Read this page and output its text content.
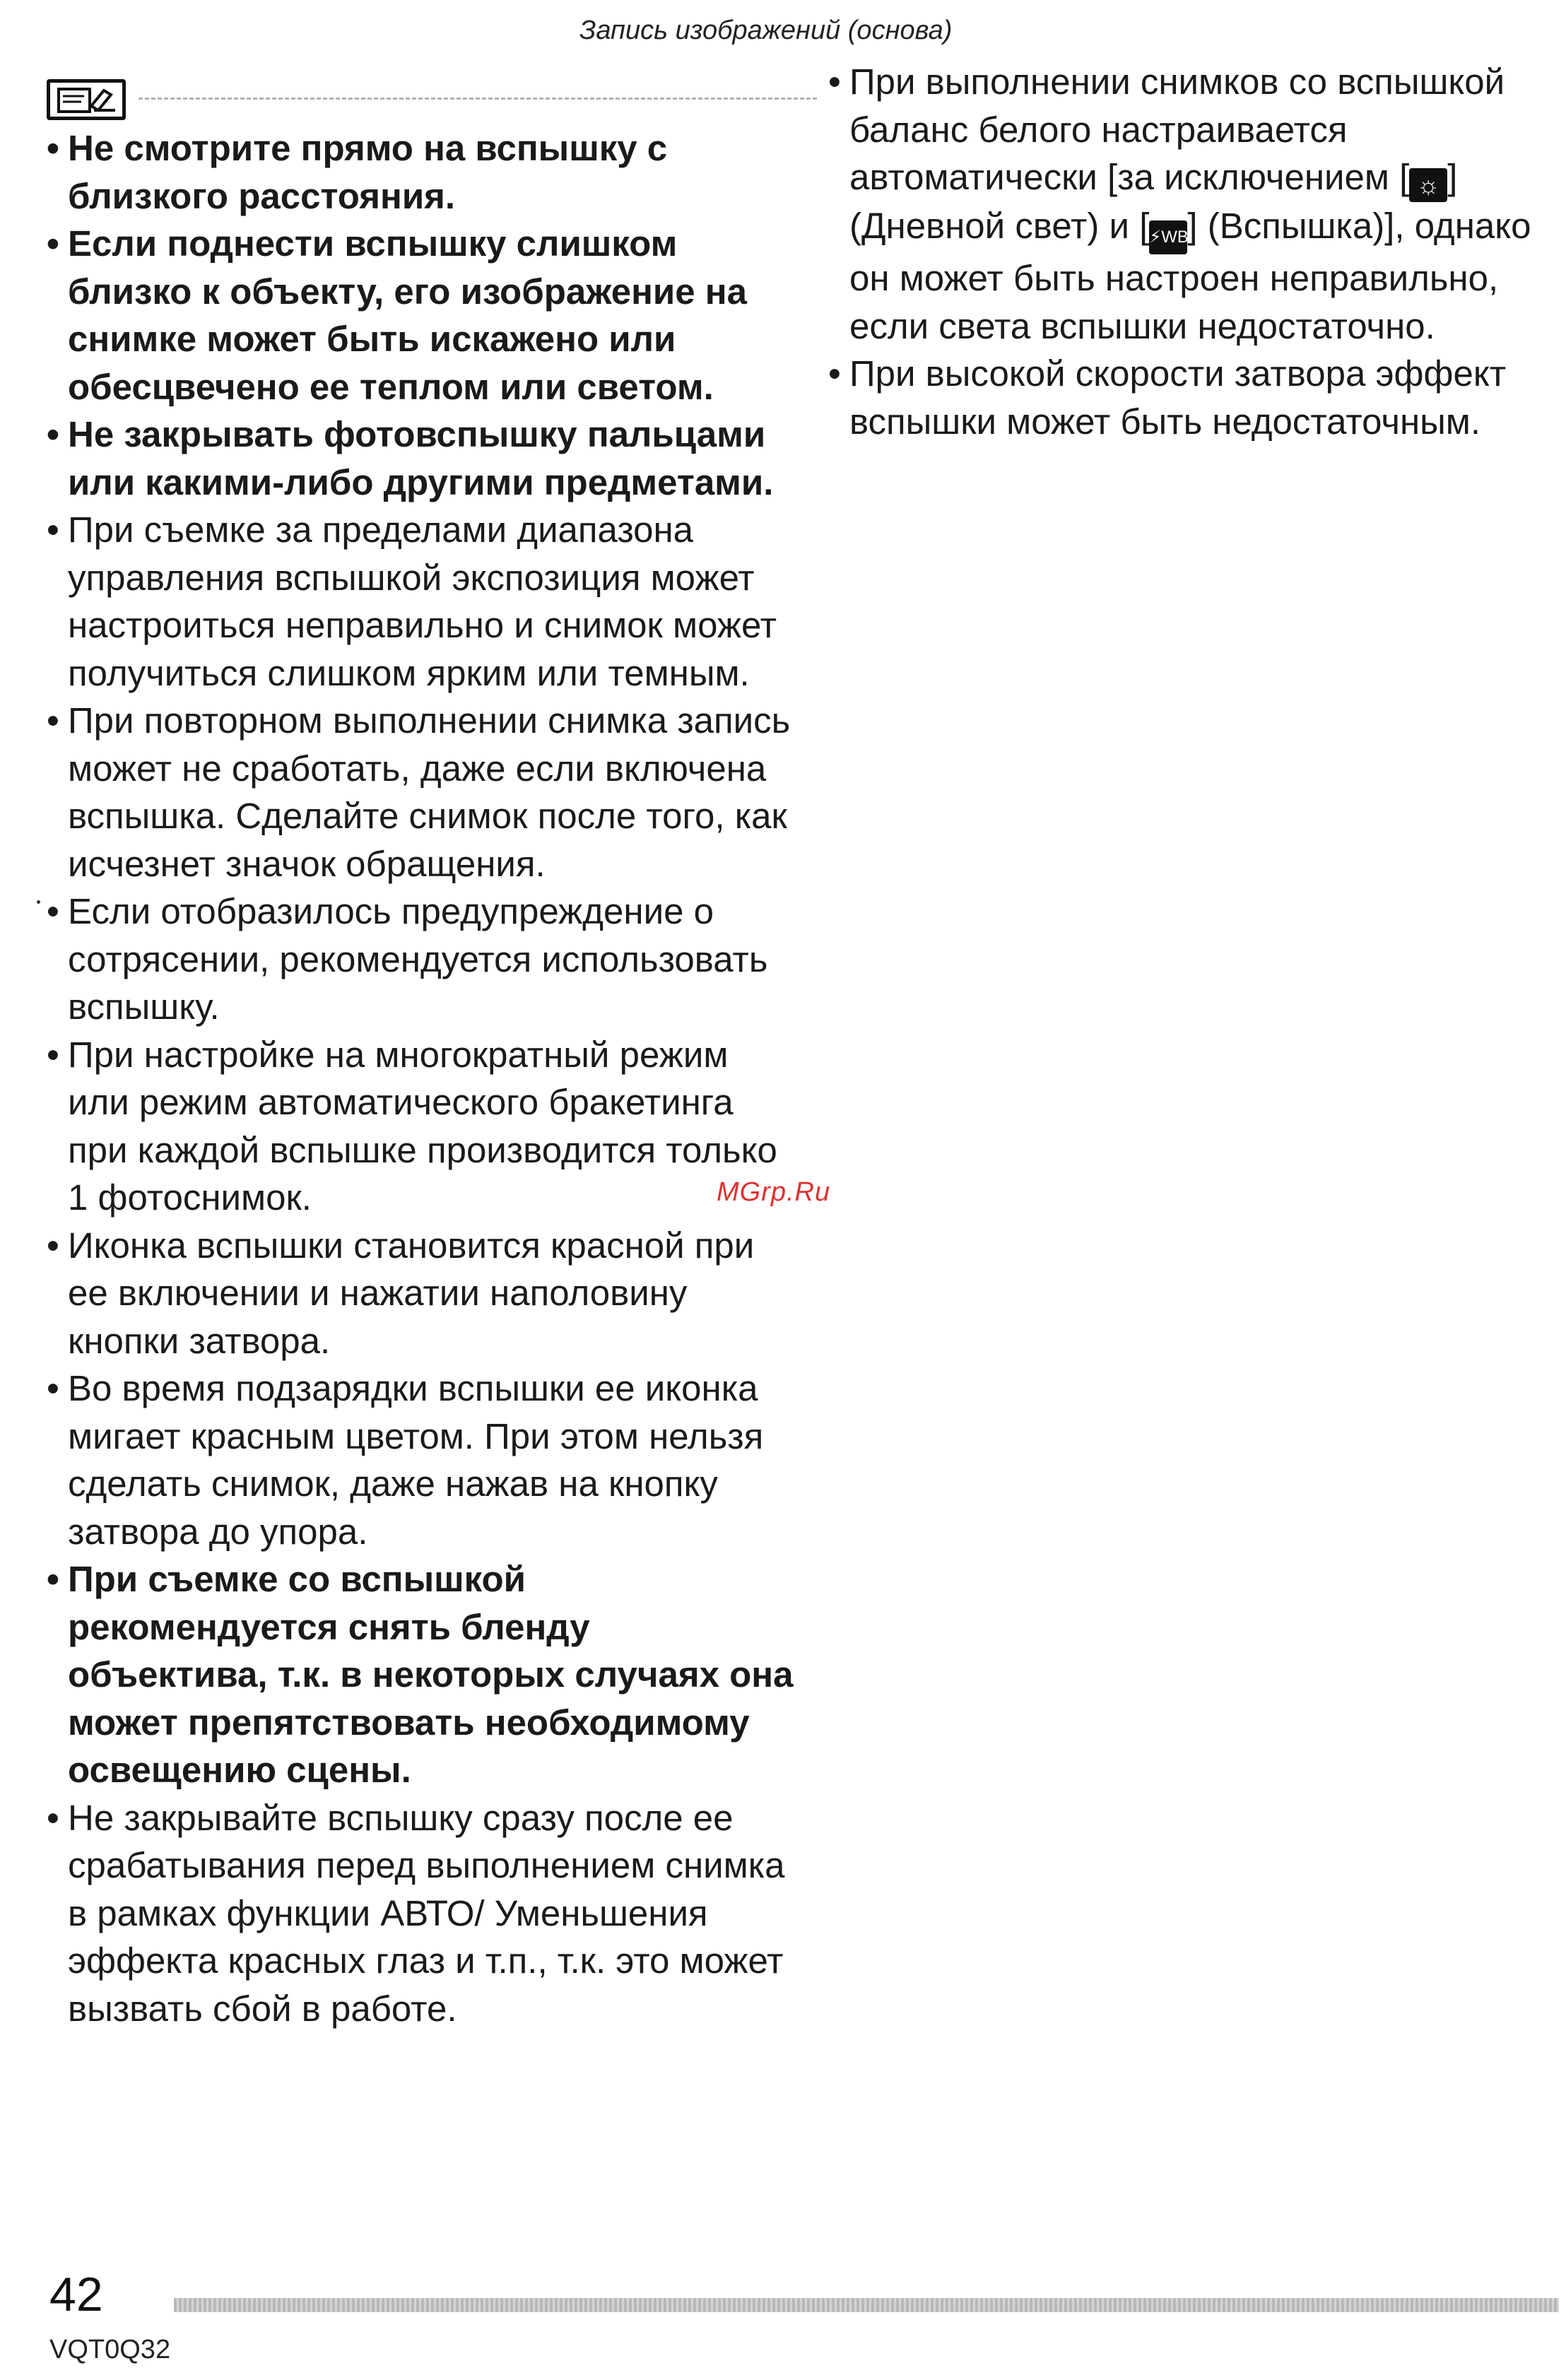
Запись изображений (основа)

• Не смотрите прямо на вспышку с близкого расстояния.

• Если поднести вспышку слишком близко к объекту, его изображение на снимке может быть искажено или обесцвечено ее теплом или светом.

• Не закрывать фотовспышку пальцами или какими-либо другими предметами.

• При съемке за пределами диапазона управления вспышкой экспозиция может настроиться неправильно и снимок может получиться слишком ярким или темным.

• При повторном выполнении снимка запись может не сработать, даже если включена вспышка. Сделайте снимок после того, как исчезнет значок обращения.

• Если отобразилось предупреждение о сотрясении, рекомендуется использовать вспышку.

• При настройке на многократный режим или режим автоматического бракетинга при каждой вспышке производится только 1 фотоснимок.

• Иконка вспышки становится красной при ее включении и нажатии наполовину кнопки затвора.

• Во время подзарядки вспышки ее иконка мигает красным цветом. При этом нельзя сделать снимок, даже нажав на кнопку затвора до упора.

• При съемке со вспышкой рекомендуется снять бленду объектива, т.к. в некоторых случаях она может препятствовать необходимому освещению сцены.

• Не закрывайте вспышку сразу после ее срабатывания перед выполнением снимка в рамках функции АВТО/ Уменьшения эффекта красных глаз и т.п., т.к. это может вызвать сбой в работе.

• При выполнении снимков со вспышкой баланс белого настраивается автоматически [за исключением [ ☼ ] (Дневной свет) и [⚡WB] (Вспышка)], однако он может быть настроен неправильно, если света вспышки недостаточно.

• При высокой скорости затвора эффект вспышки может быть недостаточным.

MGrp.Ru
42
VQT0Q32
